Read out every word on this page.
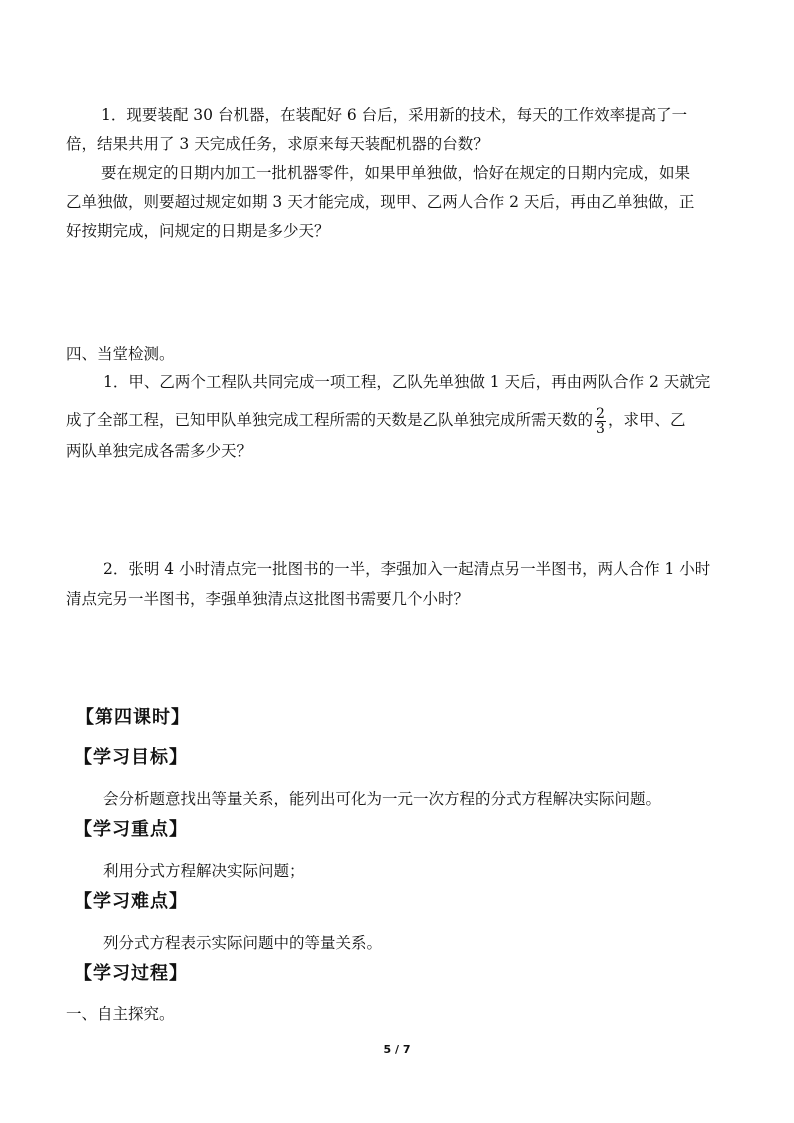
1．现要装配 30 台机器，在装配好 6 台后，采用新的技术，每天的工作效率提高了一
倍，结果共用了 3 天完成任务，求原来每天装配机器的台数？
要在规定的日期内加工一批机器零件，如果甲单独做，恰好在规定的日期内完成，如果
乙单独做，则要超过规定如期 3 天才能完成，现甲、乙两人合作 2 天后，再由乙单独做，正
好按期完成，问规定的日期是多少天？
四、当堂检测。
1．甲、乙两个工程队共同完成一项工程，乙队先单独做 1 天后，再由两队合作 2 天就完
成了全部工程，已知甲队单独完成工程所需的天数是乙队单独完成所需天数的 $\frac{2}{3}$ ，求甲、乙
两队单独完成各需多少天？
2．张明 4 小时清点完一批图书的一半，李强加入一起清点另一半图书，两人合作 1 小时
清点完另一半图书，李强单独清点这批图书需要几个小时？
【第四课时】
【学习目标】
会分析题意找出等量关系，能列出可化为一元一次方程的分式方程解决实际问题。
【学习重点】
利用分式方程解决实际问题；
【学习难点】
列分式方程表示实际问题中的等量关系。
【学习过程】
一、自主探究。
5 / 7
